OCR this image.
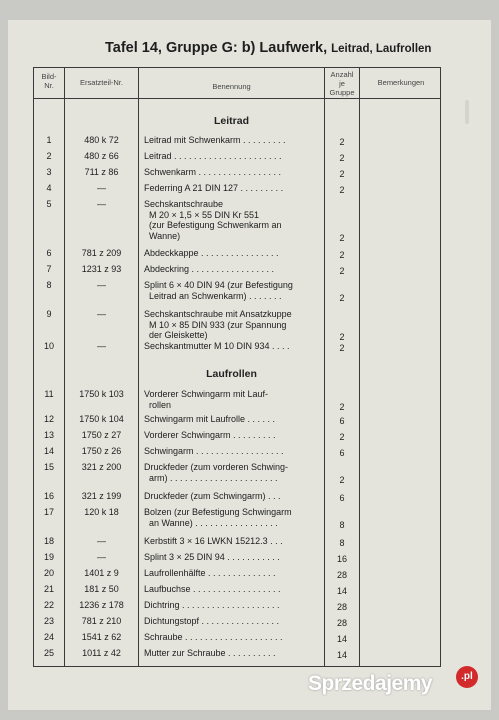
Tafel 14, Gruppe G: b) Laufwerk, Leitrad, Laufrollen
Bild-
Nr.	Ersatzteil-Nr.	Benennung
Anzahl
je
Gruppe
Bemerkungen
Leitrad
Laufrollen
1	480 k 72	Leitrad mit Schwenkarm . . . . . . . . .	2
2	480 z 66	Leitrad . . . . . . . . . . . . . . . . . . . . . .	2
3	711 z 86	Schwenkarm . . . . . . . . . . . . . . . . .	2
4	—	Federring A 21 DIN 127 . . . . . . . . .	2
5	—	Sechskantschraube
M 20 × 1,5 × 55 DIN Kr 551
(zur Befestigung Schwenkarm an
Wanne)	2
6	781 z 209	Abdeckkappe . . . . . . . . . . . . . . . .	2
7	1231 z 93	Abdeckring . . . . . . . . . . . . . . . . .	2
8	—	Splint 6 × 40 DIN 94 (zur Befestigung
Leitrad an Schwenkarm) . . . . . . .	2
9	—	Sechskantschraube mit Ansatzkuppe
M 10 × 85 DIN 933 (zur Spannung
der Gleiskette)	2
10	—	Sechskantmutter M 10 DIN 934 . . . .	2
11	1750 k 103	Vorderer Schwingarm mit Lauf-
rollen	2
12	1750 k 104	Schwingarm mit Laufrolle . . . . . .	6
13	1750 z 27	Vorderer Schwingarm . . . . . . . . .	2
14	1750 z 26	Schwingarm . . . . . . . . . . . . . . . . . .	6
15	321 z 200	Druckfeder (zum vorderen Schwing-
arm) . . . . . . . . . . . . . . . . . . . . . .	2
16	321 z 199	Druckfeder (zum Schwingarm) . . .	6
17	120 k 18	Bolzen (zur Befestigung Schwingarm
an Wanne) . . . . . . . . . . . . . . . . .	8
18	—	Kerbstift 3 × 16 LWKN 15212.3 . . .	8
19	—	Splint 3 × 25 DIN 94 . . . . . . . . . . .	16
20	1401 z 9	Laufrollenhälfte . . . . . . . . . . . . . .	28
21	181 z 50	Laufbuchse . . . . . . . . . . . . . . . . . .	14
22	1236 z 178	Dichtring . . . . . . . . . . . . . . . . . . . .	28
23	781 z 210	Dichtungstopf . . . . . . . . . . . . . . . .	28
24	1541 z 62	Schraube . . . . . . . . . . . . . . . . . . . .	14
25	1011 z 42	Mutter zur Schraube . . . . . . . . . .	14
Sprzedajemy	.pl
